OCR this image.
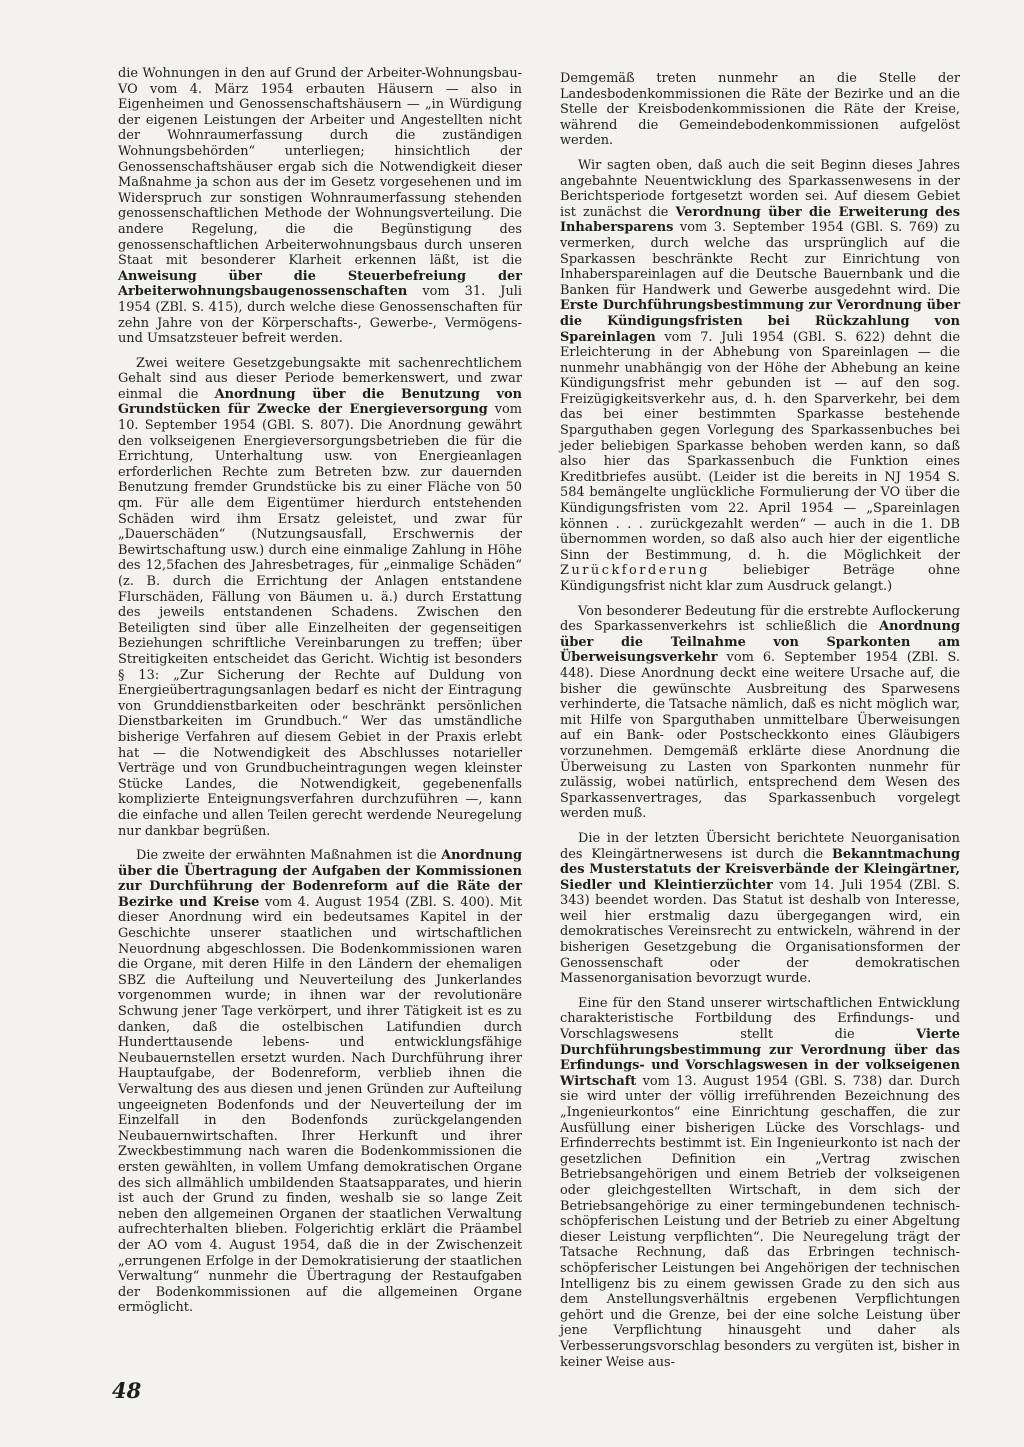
die Wohnungen in den auf Grund der Arbeiter-Wohnungsbau-VO vom 4. März 1954 erbauten Häusern — also in Eigenheimen und Genossenschaftshäusern — „in Würdigung der eigenen Leistungen der Arbeiter und Angestellten nicht der Wohnraumerfassung durch die zuständigen Wohnungsbehörden“ unterliegen; hinsichtlich der Genossenschaftshäuser ergab sich die Notwendigkeit dieser Maßnahme ja schon aus der im Gesetz vorgesehenen und im Widerspruch zur sonstigen Wohnraumerfassung stehenden genossenschaftlichen Methode der Wohnungsverteilung. Die andere Regelung, die die Begünstigung des genossenschaftlichen Arbeiterwohnungsbaus durch unseren Staat mit besonderer Klarheit erkennen läßt, ist die Anweisung über die Steuerbefreiung der Arbeiterwohnungsbaugenossenschaften vom 31. Juli 1954 (ZBl. S. 415), durch welche diese Genossenschaften für zehn Jahre von der Körperschafts-, Gewerbe-, Vermögens- und Umsatzsteuer befreit werden.

Zwei weitere Gesetzgebungsakte mit sachenrechtlichem Gehalt sind aus dieser Periode bemerkenswert, und zwar einmal die Anordnung über die Benutzung von Grundstücken für Zwecke der Energieversorgung vom 10. September 1954 (GBl. S. 807). Die Anordnung gewährt den volkseigenen Energieversorgungsbetrieben die für die Errichtung, Unterhaltung usw. von Energieanlagen erforderlichen Rechte zum Betreten bzw. zur dauernden Benutzung fremder Grundstücke bis zu einer Fläche von 50 qm. Für alle dem Eigentümer hierdurch entstehenden Schäden wird ihm Ersatz geleistet, und zwar für „Dauerschäden“ (Nutzungsausfall, Erschwernis der Bewirtschaftung usw.) durch eine einmalige Zahlung in Höhe des 12,5fachen des Jahresbetrages, für „einmalige Schäden“ (z. B. durch die Errichtung der Anlagen entstandene Flurschäden, Fällung von Bäumen u. ä.) durch Erstattung des jeweils entstandenen Schadens. Zwischen den Beteiligten sind über alle Einzelheiten der gegenseitigen Beziehungen schriftliche Vereinbarungen zu treffen; über Streitigkeiten entscheidet das Gericht. Wichtig ist besonders § 13: „Zur Sicherung der Rechte auf Duldung von Energieübertragungsanlagen bedarf es nicht der Eintragung von Grunddienstbarkeiten oder beschränkt persönlichen Dienstbarkeiten im Grundbuch.“ Wer das umständliche bisherige Verfahren auf diesem Gebiet in der Praxis erlebt hat — die Notwendigkeit des Abschlusses notarieller Verträge und von Grundbucheintragungen wegen kleinster Stücke Landes, die Notwendigkeit, gegebenenfalls komplizierte Enteignungsverfahren durchzuführen —, kann die einfache und allen Teilen gerecht werdende Neuregelung nur dankbar begrüßen.

Die zweite der erwähnten Maßnahmen ist die Anordnung über die Übertragung der Aufgaben der Kommissionen zur Durchführung der Bodenreform auf die Räte der Bezirke und Kreise vom 4. August 1954 (ZBl. S. 400). Mit dieser Anordnung wird ein bedeutsames Kapitel in der Geschichte unserer staatlichen und wirtschaftlichen Neuordnung abgeschlossen. Die Bodenkommissionen waren die Organe, mit deren Hilfe in den Ländern der ehemaligen SBZ die Aufteilung und Neuverteilung des Junkerlandes vorgenommen wurde; in ihnen war der revolutionäre Schwung jener Tage verkörpert, und ihrer Tätigkeit ist es zu danken, daß die ostelbischen Latifundien durch Hunderttausende lebens- und entwicklungsfähige Neubauernstellen ersetzt wurden. Nach Durchführung ihrer Hauptaufgabe, der Bodenreform, verblieb ihnen die Verwaltung des aus diesen und jenen Gründen zur Aufteilung ungeeigneten Bodenfonds und der Neuverteilung der im Einzelfall in den Bodenfonds zurückgelangenden Neubauernwirtschaften. Ihrer Herkunft und ihrer Zweckbestimmung nach waren die Bodenkommissionen die ersten gewählten, in vollem Umfang demokratischen Organe des sich allmählich umbildenden Staatsapparates, und hierin ist auch der Grund zu finden, weshalb sie so lange Zeit neben den allgemeinen Organen der staatlichen Verwaltung aufrechterhalten blieben. Folgerichtig erklärt die Präambel der AO vom 4. August 1954, daß die in der Zwischenzeit „errungenen Erfolge in der Demokratisierung der staatlichen Verwaltung“ nunmehr die Übertragung der Restaufgaben der Bodenkommissionen auf die allgemeinen Organe ermöglicht.

Demgemäß treten nunmehr an die Stelle der Landesbodenkommissionen die Räte der Bezirke und an die Stelle der Kreisbodenkommissionen die Räte der Kreise, während die Gemeindebodenkommissionen aufgelöst werden.

Wir sagten oben, daß auch die seit Beginn dieses Jahres angebahnte Neuentwicklung des Sparkassenwesens in der Berichtsperiode fortgesetzt worden sei. Auf diesem Gebiet ist zunächst die Verordnung über die Erweiterung des Inhabersparens vom 3. September 1954 (GBl. S. 769) zu vermerken, durch welche das ursprünglich auf die Sparkassen beschränkte Recht zur Einrichtung von Inhaberspareinlagen auf die Deutsche Bauernbank und die Banken für Handwerk und Gewerbe ausgedehnt wird. Die Erste Durchführungsbestimmung zur Verordnung über die Kündigungsfristen bei Rückzahlung von Spareinlagen vom 7. Juli 1954 (GBl. S. 622) dehnt die Erleichterung in der Abhebung von Spareinlagen — die nunmehr unabhängig von der Höhe der Abhebung an keine Kündigungsfrist mehr gebunden ist — auf den sog. Freizügigkeitsverkehr aus, d. h. den Sparverkehr, bei dem das bei einer bestimmten Sparkasse bestehende Sparguthaben gegen Vorlegung des Sparkassenbuches bei jeder beliebigen Sparkasse behoben werden kann, so daß also hier das Sparkassenbuch die Funktion eines Kreditbriefes ausübt. (Leider ist die bereits in NJ 1954 S. 584 bemängelte unglückliche Formulierung der VO über die Kündigungsfristen vom 22. April 1954 — „Spareinlagen können . . . zurückgezahlt werden“ — auch in die 1. DB übernommen worden, so daß also auch hier der eigentliche Sinn der Bestimmung, d. h. die Möglichkeit der Zurückforderung beliebiger Beträge ohne Kündigungsfrist nicht klar zum Ausdruck gelangt.)

Von besonderer Bedeutung für die erstrebte Auflockerung des Sparkassenverkehrs ist schließlich die Anordnung über die Teilnahme von Sparkonten am Überweisungsverkehr vom 6. September 1954 (ZBl. S. 448). Diese Anordnung deckt eine weitere Ursache auf, die bisher die gewünschte Ausbreitung des Sparwesens verhinderte, die Tatsache nämlich, daß es nicht möglich war, mit Hilfe von Sparguthaben unmittelbare Überweisungen auf ein Bank- oder Postscheckkonto eines Gläubigers vorzunehmen. Demgemäß erklärte diese Anordnung die Überweisung zu Lasten von Sparkonten nunmehr für zulässig, wobei natürlich, entsprechend dem Wesen des Sparkassenvertrages, das Sparkassenbuch vorgelegt werden muß.

Die in der letzten Übersicht berichtete Neuorganisation des Kleingärtnerwesens ist durch die Bekanntmachung des Musterstatuts der Kreisverbände der Kleingärtner, Siedler und Kleintierzüchter vom 14. Juli 1954 (ZBl. S. 343) beendet worden. Das Statut ist deshalb von Interesse, weil hier erstmalig dazu übergegangen wird, ein demokratisches Vereinsrecht zu entwickeln, während in der bisherigen Gesetzgebung die Organisationsformen der Genossenschaft oder der demokratischen Massenorganisation bevorzugt wurde.

Eine für den Stand unserer wirtschaftlichen Entwicklung charakteristische Fortbildung des Erfindungs- und Vorschlagswesens stellt die Vierte Durchführungsbestimmung zur Verordnung über das Erfindungs- und Vorschlagswesen in der volkseigenen Wirtschaft vom 13. August 1954 (GBl. S. 738) dar. Durch sie wird unter der völlig irreführenden Bezeichnung des „Ingenieurkontos“ eine Einrichtung geschaffen, die zur Ausfüllung einer bisherigen Lücke des Vorschlags- und Erfinderrechts bestimmt ist. Ein Ingenieurkonto ist nach der gesetzlichen Definition ein „Vertrag zwischen Betriebsangehörigen und einem Betrieb der volkseigenen oder gleichgestellten Wirtschaft, in dem sich der Betriebsangehörige zu einer termingebundenen technisch-schöpferischen Leistung und der Betrieb zu einer Abgeltung dieser Leistung verpflichten“. Die Neuregelung trägt der Tatsache Rechnung, daß das Erbringen technisch-schöpferischer Leistungen bei Angehörigen der technischen Intelligenz bis zu einem gewissen Grade zu den sich aus dem Anstellungsverhältnis ergebenen Verpflichtungen gehört und die Grenze, bei der eine solche Leistung über jene Verpflichtung hinausgeht und daher als Verbesserungsvorschlag besonders zu vergüten ist, bisher in keiner Weise aus-

48
